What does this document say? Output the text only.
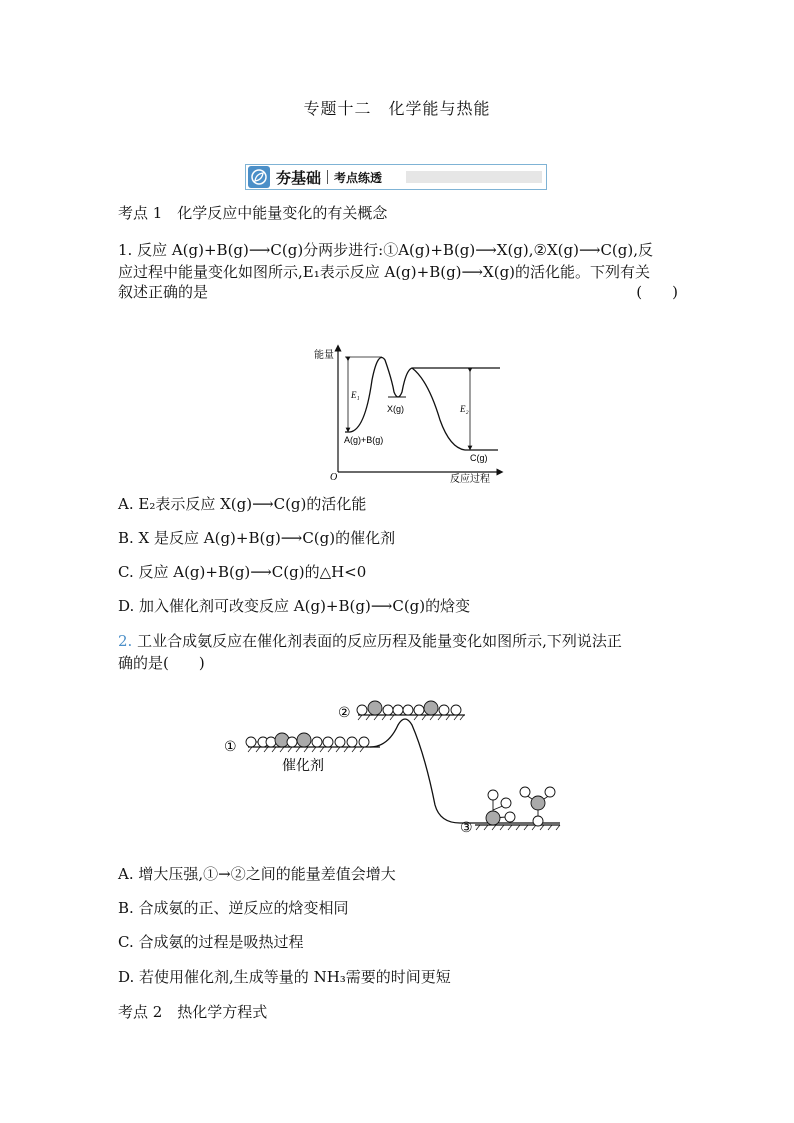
专题十二　化学能与热能
夯基础 考点练透
考点 1　化学反应中能量变化的有关概念
1. 反应 A(g)+B(g)⟶C(g)分两步进行:①A(g)+B(g)⟶X(g),②X(g)⟶C(g),反
应过程中能量变化如图所示,E₁表示反应 A(g)+B(g)⟶X(g)的活化能。下列有关
叙述正确的是	(　　)
能量
反应过程
O
E₁
E₂
X(g)
A(g)+B(g)
C(g)
A. E₂表示反应 X(g)⟶C(g)的活化能
B. X 是反应 A(g)+B(g)⟶C(g)的催化剂
C. 反应 A(g)+B(g)⟶C(g)的△H<0
D. 加入催化剂可改变反应 A(g)+B(g)⟶C(g)的焓变
2. 工业合成氨反应在催化剂表面的反应历程及能量变化如图所示,下列说法正
确的是(　　)
①
②
③
催化剂
A. 增大压强,①→②之间的能量差值会增大
B. 合成氨的正、逆反应的焓变相同
C. 合成氨的过程是吸热过程
D. 若使用催化剂,生成等量的 NH₃需要的时间更短
考点 2　热化学方程式
